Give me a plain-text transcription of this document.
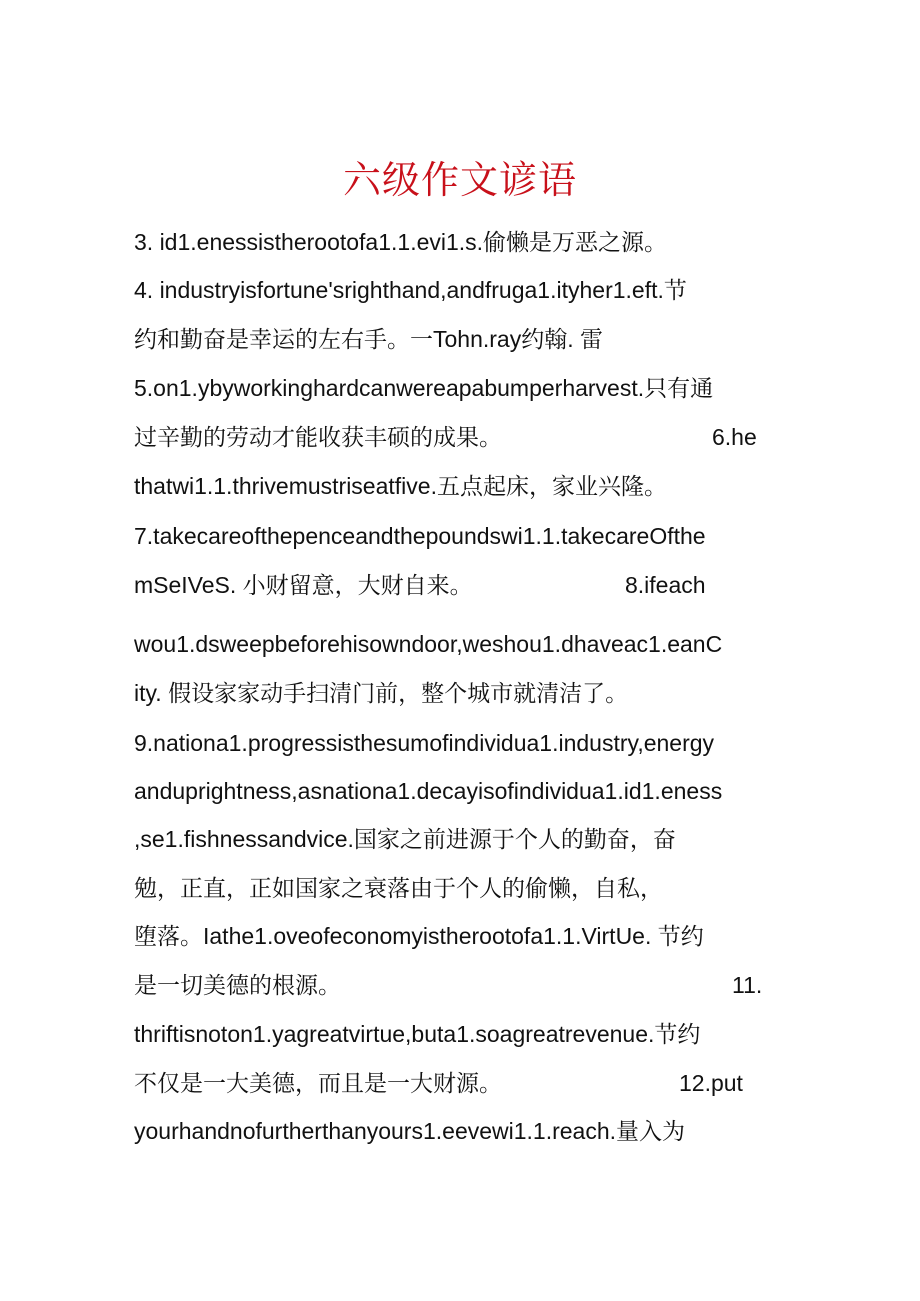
六级作文谚语
3. id1.enessistherootofa1.1.evi1.s.偷懒是万恶之源。
4. industryisfortune'srighthand,andfruga1.ityher1.eft.节
约和勤奋是幸运的左右手。一Tohn.ray约翰. 雷
5.on1.ybyworkinghardcanwereapabumperharvest.只有通
过辛勤的劳动才能收获丰硕的成果。	6.he
thatwi1.1.thrivemustriseatfive.五点起床，家业兴隆。
7.takecareofthepenceandthepoundswi1.1.takecareOfthe
mSeIVeS. 小财留意，大财自来。	8.ifeach
wou1.dsweepbeforehisowndoor,weshou1.dhaveac1.eanC
ity. 假设家家动手扫清门前，整个城市就清洁了。
9.nationa1.progressisthesumofindividua1.industry,energy
anduprightness,asnationa1.decayisofindividua1.id1.eness
,se1.fishnessandvice.国家之前进源于个人的勤奋，奋
勉，正直，正如国家之衰落由于个人的偷懒，自私，
堕落。Iathe1.oveofeconomyistherootofa1.1.VirtUe. 节约
是一切美德的根源。	11.
thriftisnoton1.yagreatvirtue,buta1.soagreatrevenue.节约
不仅是一大美德，而且是一大财源。	12.put
yourhandnofurtherthanyours1.eevewi1.1.reach.量入为
